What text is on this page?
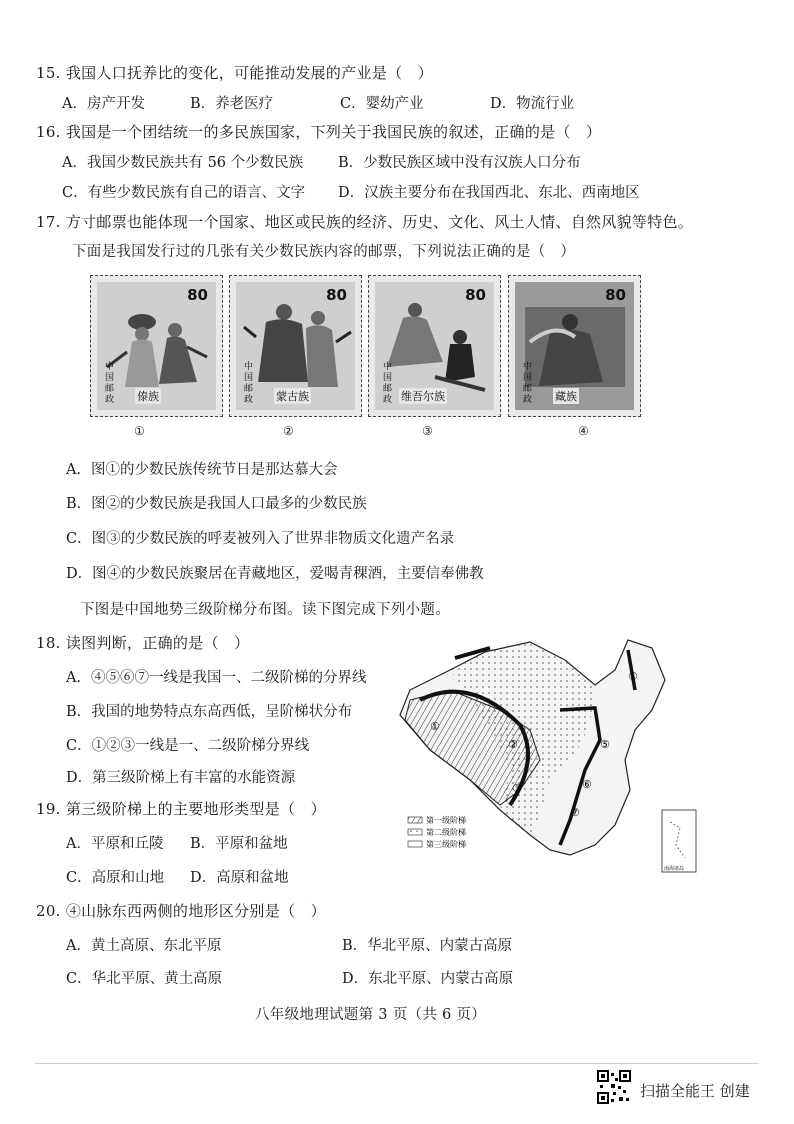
15. 我国人口抚养比的变化，可能推动发展的产业是（　）
A．房产开发	B．养老医疗	C．婴幼产业	D．物流行业
16. 我国是一个团结统一的多民族国家，下列关于我国民族的叙述，正确的是（　）
A．我国少数民族共有 56 个少数民族 B．少数民族区域中没有汉族人口分布
C．有些少数民族有自己的语言、文字 D．汉族主要分布在我国西北、东北、西南地区
17. 方寸邮票也能体现一个国家、地区或民族的经济、历史、文化、风土人情、自然风貌等特色。
下面是我国发行过的几张有关少数民族内容的邮票，下列说法正确的是（　）
80
中国邮政	傣族
80
中国邮政	蒙古族
80
中国邮政 维吾尔族
80
中国邮政	藏族
①	②	③	④
A．图①的少数民族传统节日是那达慕大会
B．图②的少数民族是我国人口最多的少数民族
C．图③的少数民族的呼麦被列入了世界非物质文化遗产名录
D．图④的少数民族聚居在青藏地区，爱喝青稞酒，主要信奉佛教
下图是中国地势三级阶梯分布图。读下图完成下列小题。
18. 读图判断，正确的是（　）
A．④⑤⑥⑦一线是我国一、二级阶梯的分界线
B．我国的地势特点东高西低，呈阶梯状分布
C．①②③一线是一、二级阶梯分界线
D．第三级阶梯上有丰富的水能资源
19. 第三级阶梯上的主要地形类型是（　）
A．平原和丘陵 B．平原和盆地
C．高原和山地 D．高原和盆地
①
②
③
④
⑤
⑥
⑦
第一级阶梯
第二级阶梯
第三级阶梯
南海诸岛
20. ④山脉东西两侧的地形区分别是（　）
A．黄土高原、东北平原	B．华北平原、内蒙古高原
C．华北平原、黄土高原	D．东北平原、内蒙古高原
八年级地理试题第 3 页（共 6 页）
扫描全能王 创建
